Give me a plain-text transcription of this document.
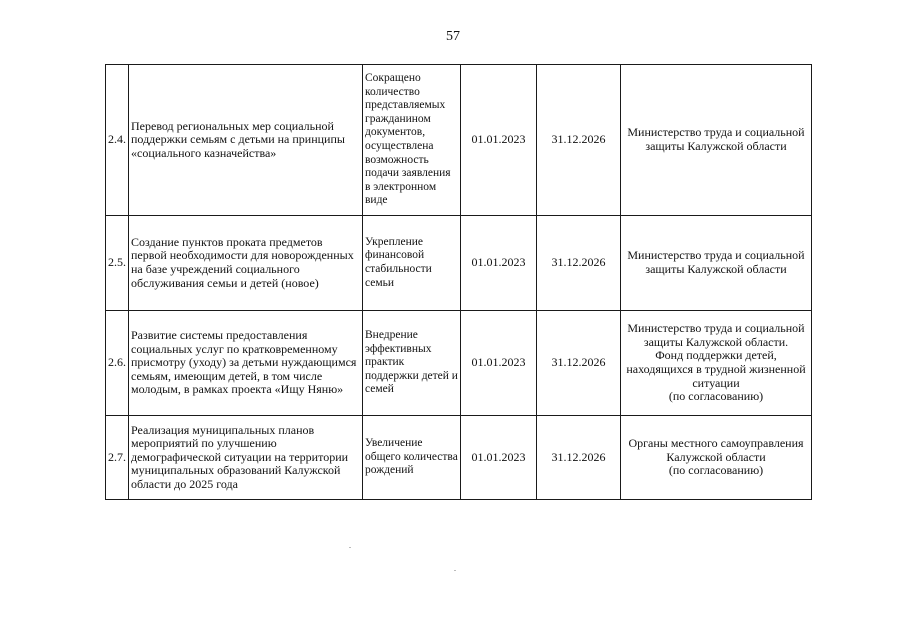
57
2.4.	Перевод региональных мер социальной поддержки семьям с детьми на принципы «социального казначейства»	Сокращено количество представляемых гражданином документов, осуществлена возможность подачи заявления в электронном виде	01.01.2023	31.12.2026	Министерство труда и социальной защиты Калужской области

2.5.	Создание пунктов проката предметов первой необходимости для новорожденных на базе учреждений социального обслуживания семьи и детей (новое)	Укрепление финансовой стабильности семьи	01.01.2023	31.12.2026	Министерство труда и социальной защиты Калужской области

2.6.	Развитие системы предоставления социальных услуг по кратковременному присмотру (уходу) за детьми нуждающимся семьям, имеющим детей, в том числе молодым, в рамках проекта «Ищу Няню»	Внедрение эффективных практик поддержки детей и семей	01.01.2023	31.12.2026	Министерство труда и социальной защиты Калужской области.
Фонд поддержки детей, находящихся в трудной жизненной ситуации
(по согласованию)

2.7.	Реализация муниципальных планов мероприятий по улучшению демографической ситуации на территории муниципальных образований Калужской области до 2025 года	Увеличение общего количества рождений	01.01.2023	31.12.2026	Органы местного самоуправления Калужской области
(по согласованию)
